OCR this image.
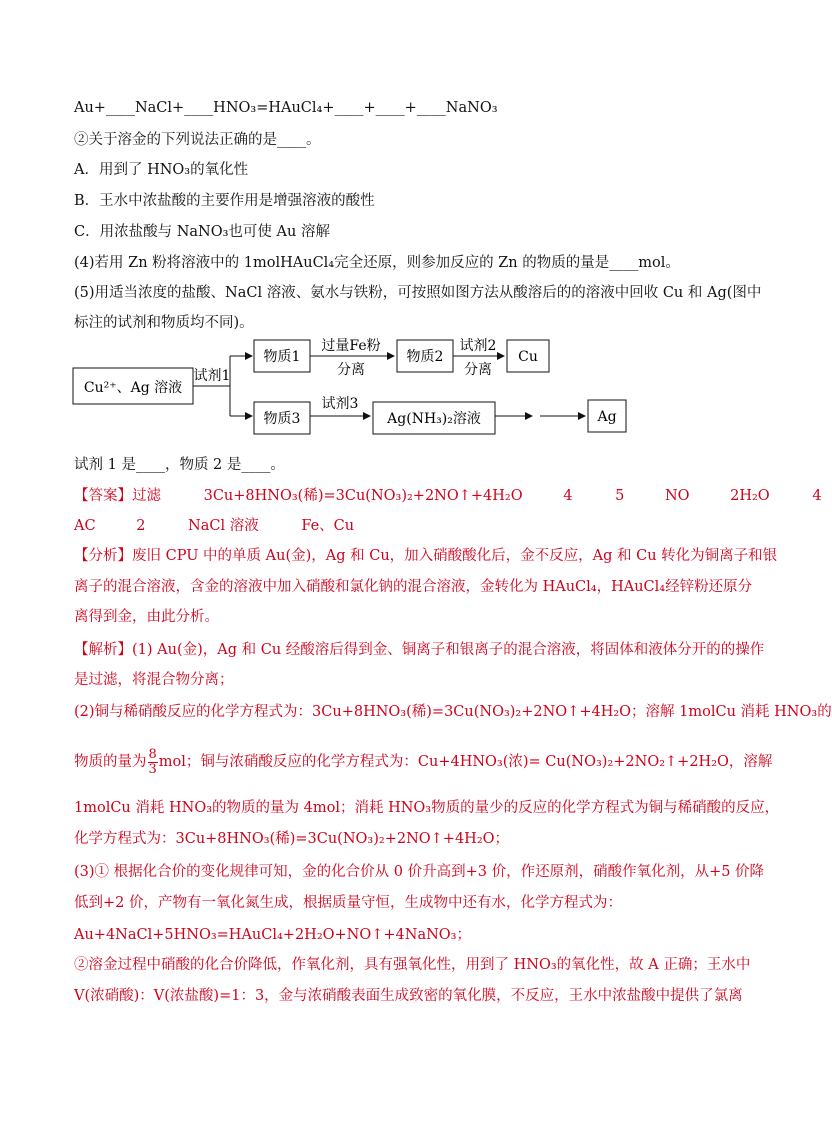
Au+____NaCl+____HNO₃=HAuCl₄+____+____+____NaNO₃
②关于溶金的下列说法正确的是____。
A．用到了 HNO₃的氧化性
B．王水中浓盐酸的主要作用是增强溶液的酸性
C．用浓盐酸与 NaNO₃也可使 Au 溶解
(4)若用 Zn 粉将溶液中的 1molHAuCl₄完全还原，则参加反应的 Zn 的物质的量是____mol。
(5)用适当浓度的盐酸、NaCl 溶液、氨水与铁粉，可按照如图方法从酸溶后的的溶液中回收 Cu 和 Ag(图中
标注的试剂和物质均不同)。
Cu²⁺、Ag 溶液
试剂1
物质1
过量Fe粉
分离
物质2
试剂2
分离
Cu
物质3
试剂3
Ag(NH₃)₂溶液	Ag
试剂 1 是____，物质 2 是____。
【答案】过滤	3Cu+8HNO₃(稀)=3Cu(NO₃)₂+2NO↑+4H₂O	4	5	NO	2H₂O	4
AC	2	NaCl 溶液	Fe、Cu
【分析】废旧 CPU 中的单质 Au(金)，Ag 和 Cu，加入硝酸酸化后，金不反应，Ag 和 Cu 转化为铜离子和银
离子的混合溶液，含金的溶液中加入硝酸和氯化钠的混合溶液，金转化为 HAuCl₄，HAuCl₄经锌粉还原分
离得到金，由此分析。
【解析】(1) Au(金)，Ag 和 Cu 经酸溶后得到金、铜离子和银离子的混合溶液，将固体和液体分开的的操作
是过滤，将混合物分离；
(2)铜与稀硝酸反应的化学方程式为：3Cu+8HNO₃(稀)=3Cu(NO₃)₂+2NO↑+4H₂O；溶解 1molCu 消耗 HNO₃的
物质的量为 $\frac{8}{3}$ mol；铜与浓硝酸反应的化学方程式为：Cu+4HNO₃(浓)= Cu(NO₃)₂+2NO₂↑+2H₂O，溶解
1molCu 消耗 HNO₃的物质的量为 4mol；消耗 HNO₃物质的量少的反应的化学方程式为铜与稀硝酸的反应，
化学方程式为：3Cu+8HNO₃(稀)=3Cu(NO₃)₂+2NO↑+4H₂O；
(3)① 根据化合价的变化规律可知，金的化合价从 0 价升高到+3 价，作还原剂，硝酸作氧化剂，从+5 价降
低到+2 价，产物有一氧化氮生成，根据质量守恒，生成物中还有水，化学方程式为：
Au+4NaCl+5HNO₃=HAuCl₄+2H₂O+NO↑+4NaNO₃；
②溶金过程中硝酸的化合价降低，作氧化剂，具有强氧化性，用到了 HNO₃的氧化性，故 A 正确；王水中
V(浓硝酸)：V(浓盐酸)=1：3，金与浓硝酸表面生成致密的氧化膜，不反应，王水中浓盐酸中提供了氯离
